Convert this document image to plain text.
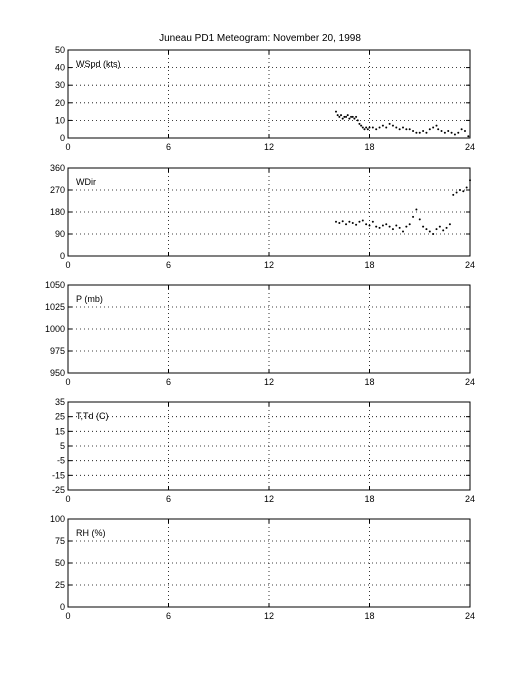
Juneau PD1 Meteogram: November 20, 1998
0	6	12	18	24
0
10
20
30
40
50
WSpd (kts)
0	6	12	18	24
0
90
180
270
360
WDir
0	6	12	18	24
950
975
1000
1025
1050
P (mb)
0	6	12	18	24
-25
-15
-5
5
15
25
35
T,Td (C)
0	6	12	18	24
0
25
50
75
100
RH (%)
